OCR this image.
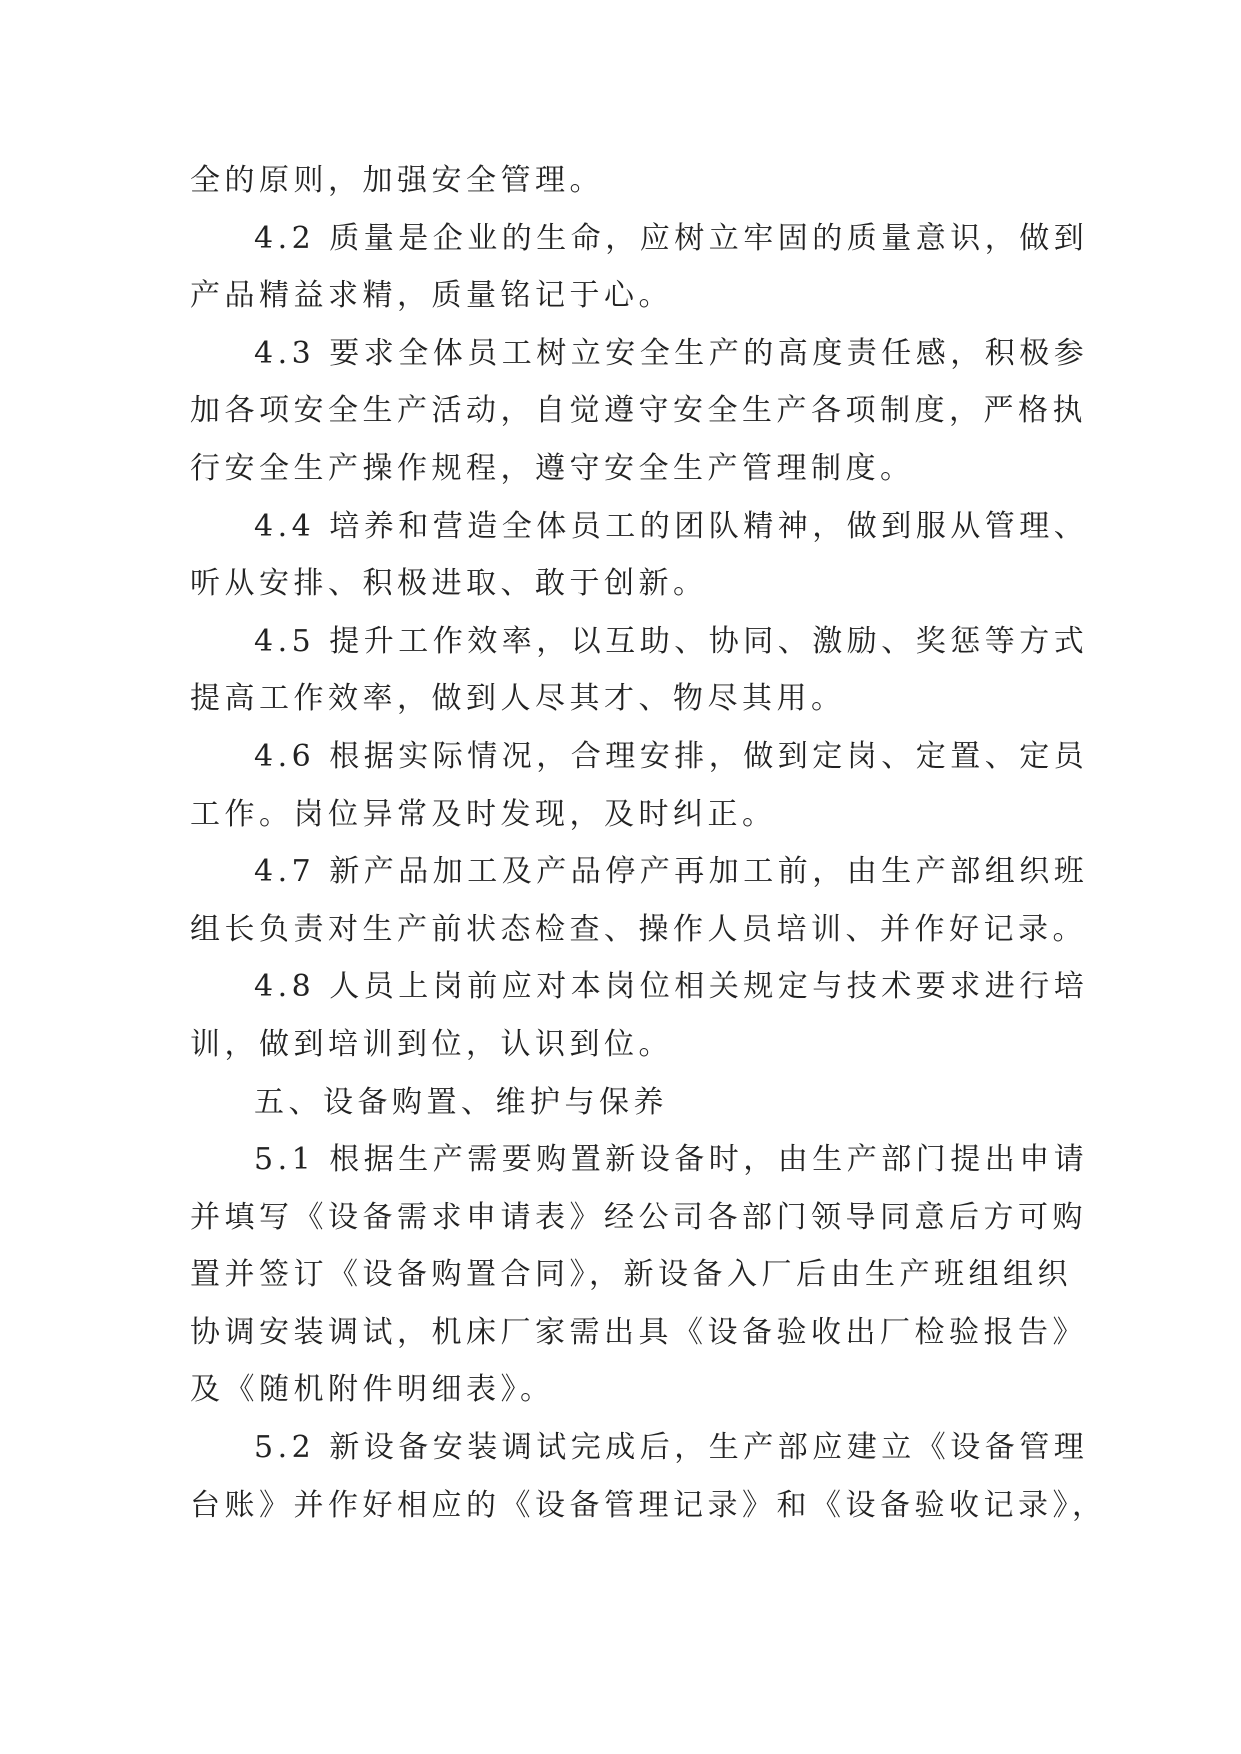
全的原则，加强安全管理。
4.2 质量是企业的生命，应树立牢固的质量意识，做到
产品精益求精，质量铭记于心。
4.3 要求全体员工树立安全生产的高度责任感，积极参
加各项安全生产活动，自觉遵守安全生产各项制度，严格执
行安全生产操作规程，遵守安全生产管理制度。
4.4 培养和营造全体员工的团队精神，做到服从管理、
听从安排、积极进取、敢于创新。
4.5 提升工作效率，以互助、协同、激励、奖惩等方式
提高工作效率，做到人尽其才、物尽其用。
4.6 根据实际情况，合理安排，做到定岗、定置、定员
工作。岗位异常及时发现，及时纠正。
4.7 新产品加工及产品停产再加工前，由生产部组织班
组长负责对生产前状态检查、操作人员培训、并作好记录。
4.8 人员上岗前应对本岗位相关规定与技术要求进行培
训，做到培训到位，认识到位。
五、设备购置、维护与保养
5.1 根据生产需要购置新设备时，由生产部门提出申请
并填写《设备需求申请表》经公司各部门领导同意后方可购
置并签订《设备购置合同》，新设备入厂后由生产班组组织
协调安装调试，机床厂家需出具《设备验收出厂检验报告》
及《随机附件明细表》。
5.2 新设备安装调试完成后，生产部应建立《设备管理
台账》并作好相应的《设备管理记录》和《设备验收记录》，
